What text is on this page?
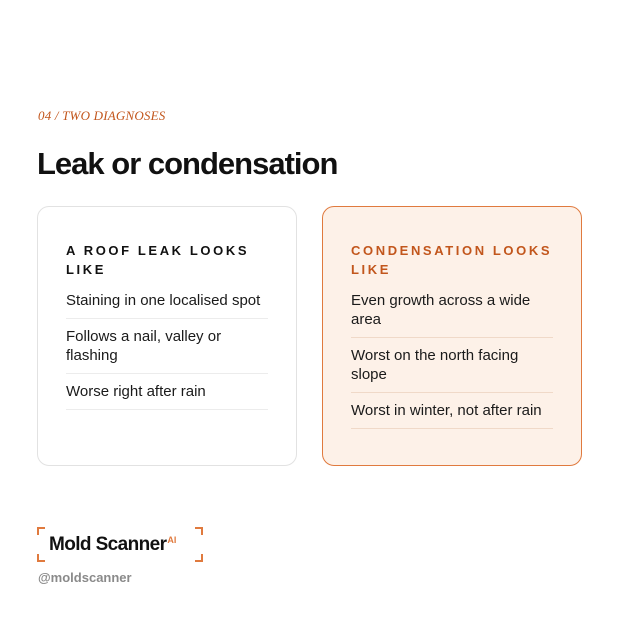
04 / TWO DIAGNOSES
Leak or condensation
A ROOF LEAK LOOKS LIKE
Staining in one localised spot
Follows a nail, valley or flashing
Worse right after rain
CONDENSATION LOOKS LIKE
Even growth across a wide area
Worst on the north facing slope
Worst in winter, not after rain
Mold Scanner$^{AI}$
@moldscanner
